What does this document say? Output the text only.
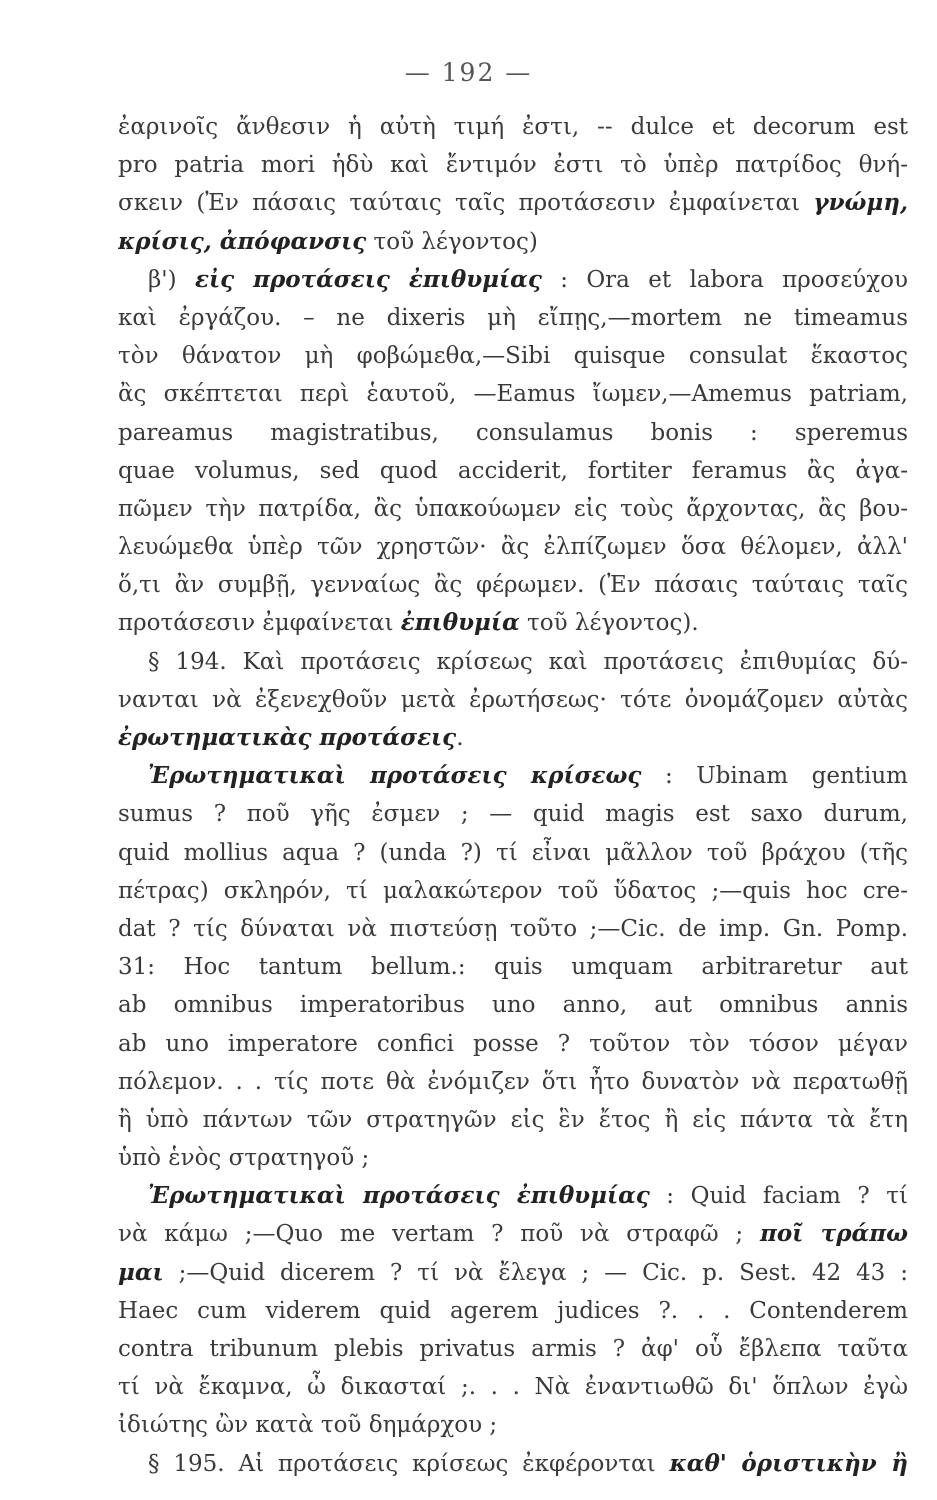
— 192 —
ἐαρινοῖς ἄνθεσιν ἡ αὐτὴ τιμή ἐστι, -- dulce et decorum est
pro patria mori ἡδὺ καὶ ἔντιμόν ἐστι τὸ ὑπὲρ πατρίδος θνή-
σκειν (Ἐν πάσαις ταύταις ταῖς προτάσεσιν ἐμφαίνεται γνώμη,
κρίσις, ἀπόφανσις τοῦ λέγοντος)
β') εἰς προτάσεις ἐπιθυμίας : Ora et labora προσεύχου
καὶ ἐργάζου. – ne dixeris μὴ εἴπῃς,—mortem ne timeamus
τὸν θάνατον μὴ φοβώμεθα,—Sibi quisque consulat ἕκαστος
ἂς σκέπτεται περὶ ἑαυτοῦ, —Eamus ἴωμεν,—Amemus patriam,
pareamus magistratibus, consulamus bonis : speremus
quae volumus, sed quod acciderit, fortiter feramus ἂς ἀγα-
πῶμεν τὴν πατρίδα, ἂς ὑπακούωμεν εἰς τοὺς ἄρχοντας, ἂς βου-
λευώμεθα ὑπὲρ τῶν χρηστῶν· ἂς ἐλπίζωμεν ὅσα θέλομεν, ἀλλ'
ὅ,τι ἂν συμβῇ, γενναίως ἂς φέρωμεν. (Ἐν πάσαις ταύταις ταῖς
προτάσεσιν ἐμφαίνεται ἐπιθυμία τοῦ λέγοντος).
§ 194. Καὶ προτάσεις κρίσεως καὶ προτάσεις ἐπιθυμίας δύ-
νανται νὰ ἐξενεχθοῦν μετὰ ἐρωτήσεως· τότε ὀνομάζομεν αὐτὰς
ἐρωτηματικὰς προτάσεις.
Ἐρωτηματικαὶ προτάσεις κρίσεως : Ubinam gentium
sumus ? ποῦ γῆς ἐσμεν ; — quid magis est saxo durum,
quid mollius aqua ? (unda ?) τί εἶναι μᾶλλον τοῦ βράχου (τῆς
πέτρας) σκληρόν, τί μαλακώτερον τοῦ ὕδατος ;—quis hoc cre-
dat ? τίς δύναται νὰ πιστεύσῃ τοῦτο ;—Cic. de imp. Gn. Pomp.
31: Hoc tantum bellum.: quis umquam arbitraretur aut
ab omnibus imperatoribus uno anno, aut omnibus annis
ab uno imperatore confici posse ? τοῦτον τὸν τόσον μέγαν
πόλεμον. . . τίς ποτε θὰ ἐνόμιζεν ὅτι ἦτο δυνατὸν νὰ περατωθῇ
ἢ ὑπὸ πάντων τῶν στρατηγῶν εἰς ἓν ἔτος ἢ εἰς πάντα τὰ ἔτη
ὑπὸ ἑνὸς στρατηγοῦ ;
Ἐρωτηματικαὶ προτάσεις ἐπιθυμίας : Quid faciam ? τί
νὰ κάμω ;—Quo me vertam ? ποῦ νὰ στραφῶ ; ποῖ τράπω
μαι ;—Quid dicerem ? τί νὰ ἔλεγα ; — Cic. p. Sest. 42 43 :
Haec cum viderem quid agerem judices ?. . . Contenderem
contra tribunum plebis privatus armis ? ἀφ' οὗ ἔβλεπα ταῦτα
τί νὰ ἔκαμνα, ὦ δικασταί ;. . . Νὰ ἐναντιωθῶ δι' ὅπλων ἐγὼ
ἰδιώτης ὢν κατὰ τοῦ δημάρχου ;
§ 195. Αἱ προτάσεις κρίσεως ἐκφέρονται καθ' ὁριστικὴν ἢ
